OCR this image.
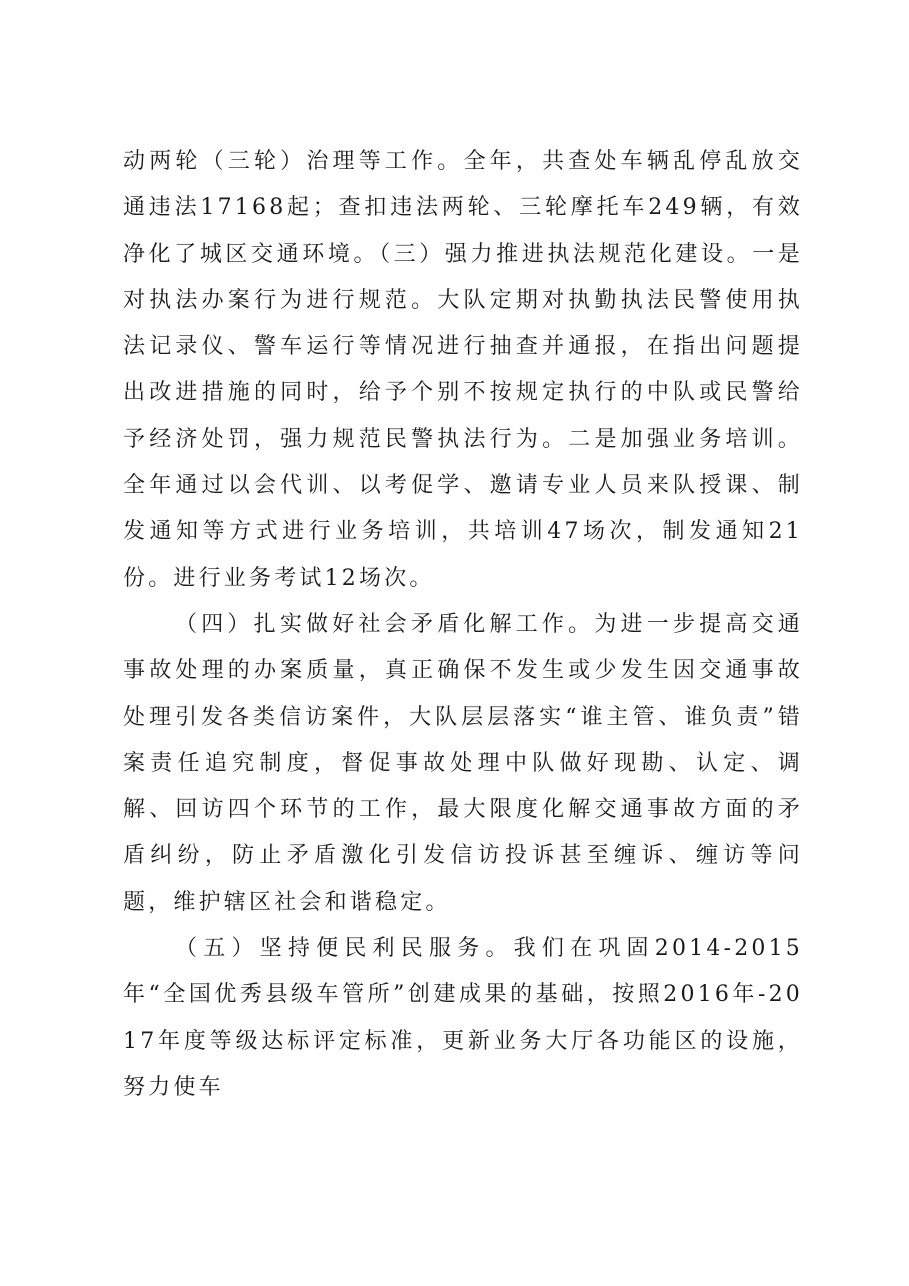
动两轮（三轮）治理等工作。全年，共查处车辆乱停乱放交通违法17168起；查扣违法两轮、三轮摩托车249辆，有效净化了城区交通环境。（三）强力推进执法规范化建设。一是对执法办案行为进行规范。大队定期对执勤执法民警使用执法记录仪、警车运行等情况进行抽查并通报，在指出问题提出改进措施的同时，给予个别不按规定执行的中队或民警给予经济处罚，强力规范民警执法行为。二是加强业务培训。全年通过以会代训、以考促学、邀请专业人员来队授课、制发通知等方式进行业务培训，共培训47场次，制发通知21份。进行业务考试12场次。

（四）扎实做好社会矛盾化解工作。为进一步提高交通事故处理的办案质量，真正确保不发生或少发生因交通事故处理引发各类信访案件，大队层层落实“谁主管、谁负责”错案责任追究制度，督促事故处理中队做好现勘、认定、调解、回访四个环节的工作，最大限度化解交通事故方面的矛盾纠纷，防止矛盾激化引发信访投诉甚至缠诉、缠访等问题，维护辖区社会和谐稳定。

（五）坚持便民利民服务。我们在巩固2014-2015年“全国优秀县级车管所”创建成果的基础，按照2016年-2017年度等级达标评定标准，更新业务大厅各功能区的设施，努力使车
